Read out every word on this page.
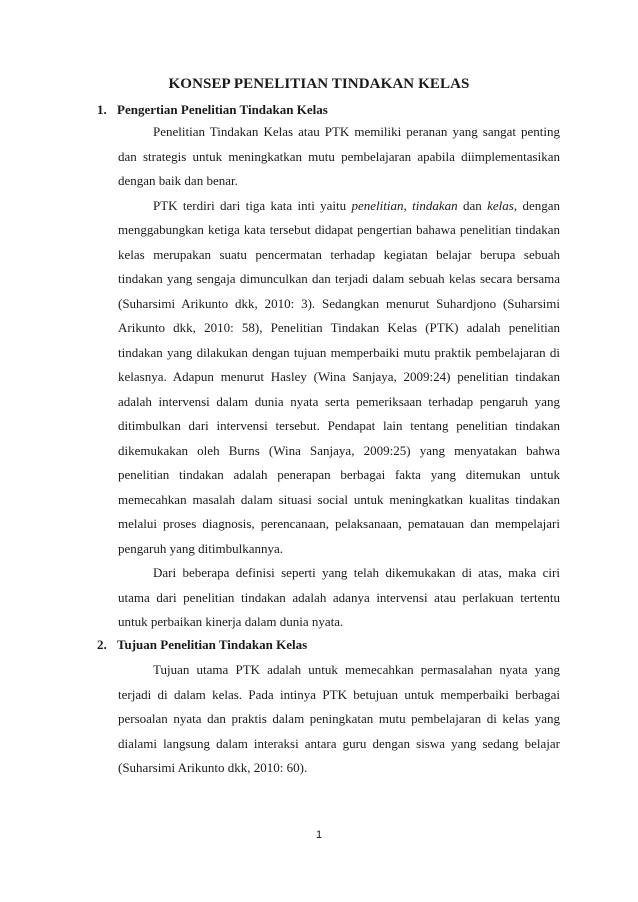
KONSEP PENELITIAN TINDAKAN KELAS
1. Pengertian Penelitian Tindakan Kelas

Penelitian Tindakan Kelas atau PTK memiliki peranan yang sangat penting dan strategis untuk meningkatkan mutu pembelajaran apabila diimplementasikan dengan baik dan benar.

PTK terdiri dari tiga kata inti yaitu penelitian, tindakan dan kelas, dengan menggabungkan ketiga kata tersebut didapat pengertian bahawa penelitian tindakan kelas merupakan suatu pencermatan terhadap kegiatan belajar berupa sebuah tindakan yang sengaja dimunculkan dan terjadi dalam sebuah kelas secara bersama (Suharsimi Arikunto dkk, 2010: 3). Sedangkan menurut Suhardjono (Suharsimi Arikunto dkk, 2010: 58), Penelitian Tindakan Kelas (PTK) adalah penelitian tindakan yang dilakukan dengan tujuan memperbaiki mutu praktik pembelajaran di kelasnya. Adapun menurut Hasley (Wina Sanjaya, 2009:24) penelitian tindakan adalah intervensi dalam dunia nyata serta pemeriksaan terhadap pengaruh yang ditimbulkan dari intervensi tersebut. Pendapat lain tentang penelitian tindakan dikemukakan oleh Burns (Wina Sanjaya, 2009:25) yang menyatakan bahwa penelitian tindakan adalah penerapan berbagai fakta yang ditemukan untuk memecahkan masalah dalam situasi social untuk meningkatkan kualitas tindakan melalui proses diagnosis, perencanaan, pelaksanaan, pematauan dan mempelajari pengaruh yang ditimbulkannya.

Dari beberapa definisi seperti yang telah dikemukakan di atas, maka ciri utama dari penelitian tindakan adalah adanya intervensi atau perlakuan tertentu untuk perbaikan kinerja dalam dunia nyata.

2. Tujuan Penelitian Tindakan Kelas

Tujuan utama PTK adalah untuk memecahkan permasalahan nyata yang terjadi di dalam kelas. Pada intinya PTK betujuan untuk memperbaiki berbagai persoalan nyata dan praktis dalam peningkatan mutu pembelajaran di kelas yang dialami langsung dalam interaksi antara guru dengan siswa yang sedang belajar (Suharsimi Arikunto dkk, 2010: 60).

1
